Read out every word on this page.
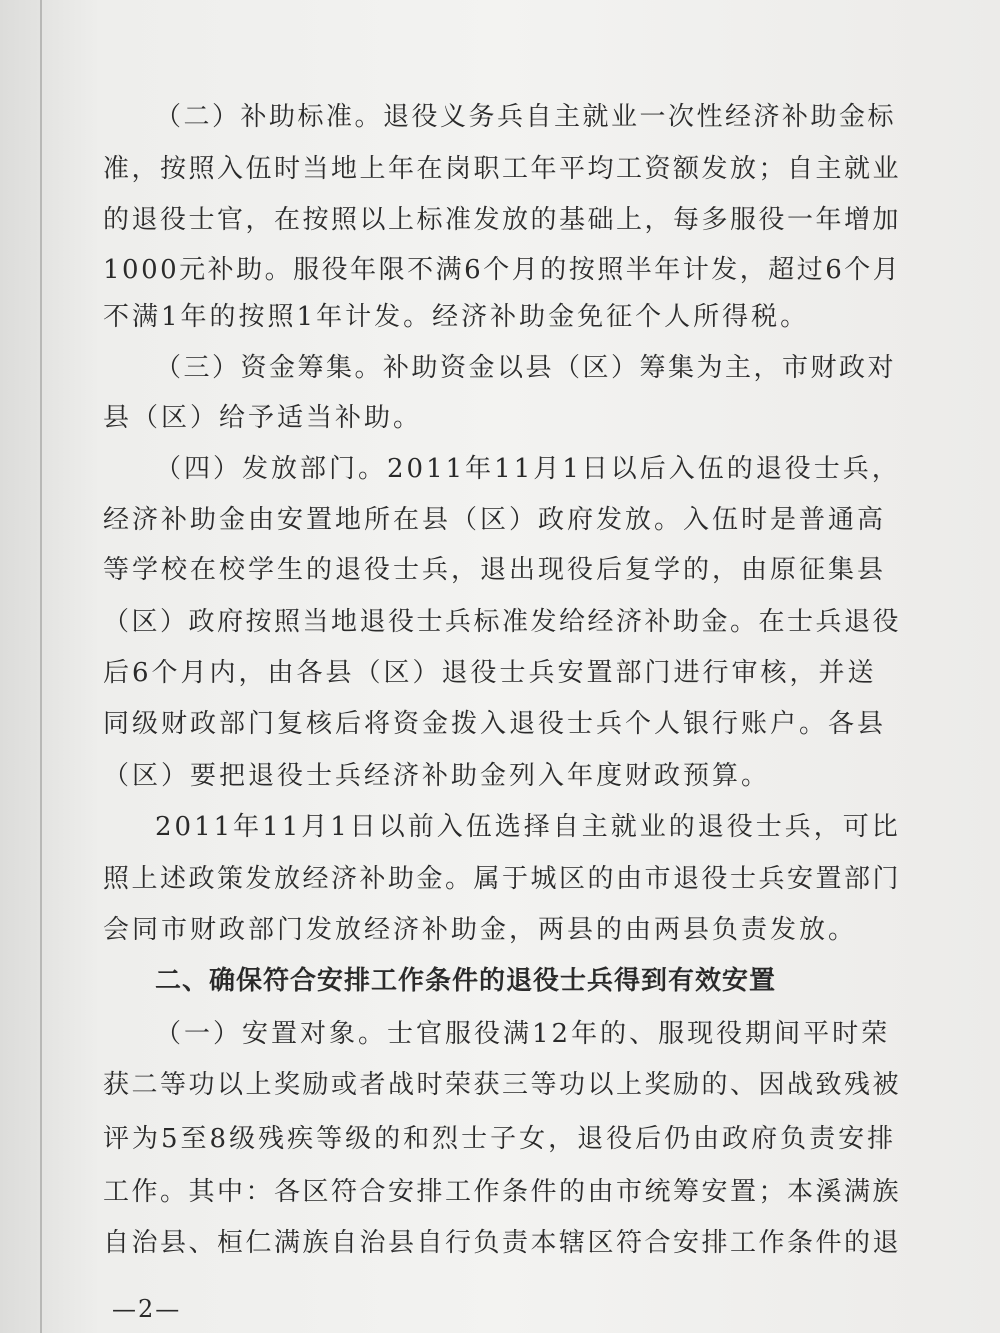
（二）补助标准。退役义务兵自主就业一次性经济补助金标
准，按照入伍时当地上年在岗职工年平均工资额发放；自主就业
的退役士官，在按照以上标准发放的基础上，每多服役一年增加
1000元补助。服役年限不满6个月的按照半年计发，超过6个月
不满1年的按照1年计发。经济补助金免征个人所得税。
（三）资金筹集。补助资金以县（区）筹集为主，市财政对
县（区）给予适当补助。
（四）发放部门。2011年11月1日以后入伍的退役士兵，
经济补助金由安置地所在县（区）政府发放。入伍时是普通高
等学校在校学生的退役士兵，退出现役后复学的，由原征集县
（区）政府按照当地退役士兵标准发给经济补助金。在士兵退役
后6个月内，由各县（区）退役士兵安置部门进行审核，并送
同级财政部门复核后将资金拨入退役士兵个人银行账户。各县
（区）要把退役士兵经济补助金列入年度财政预算。
2011年11月1日以前入伍选择自主就业的退役士兵，可比
照上述政策发放经济补助金。属于城区的由市退役士兵安置部门
会同市财政部门发放经济补助金，两县的由两县负责发放。
二、确保符合安排工作条件的退役士兵得到有效安置
（一）安置对象。士官服役满12年的、服现役期间平时荣
获二等功以上奖励或者战时荣获三等功以上奖励的、因战致残被
评为5至8级残疾等级的和烈士子女，退役后仍由政府负责安排
工作。其中：各区符合安排工作条件的由市统筹安置；本溪满族
自治县、桓仁满族自治县自行负责本辖区符合安排工作条件的退
—2—
